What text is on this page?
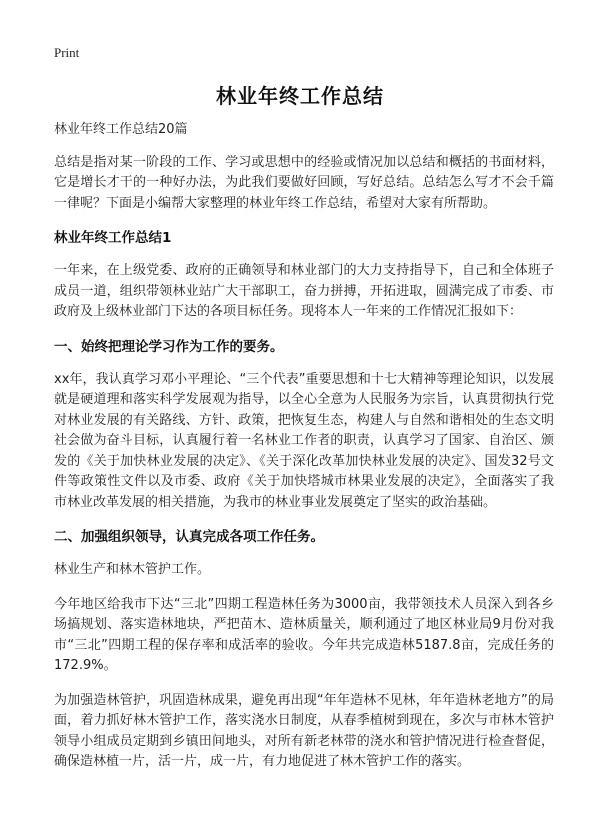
Print
林业年终工作总结

林业年终工作总结20篇

总结是指对某一阶段的工作、学习或思想中的经验或情况加以总结和概括的书面材料，它是增长才干的一种好办法，为此我们要做好回顾，写好总结。总结怎么写才不会千篇一律呢？下面是小编帮大家整理的林业年终工作总结，希望对大家有所帮助。

林业年终工作总结1

一年来，在上级党委、政府的正确领导和林业部门的大力支持指导下，自己和全体班子成员一道，组织带领林业站广大干部职工，奋力拼搏，开拓进取，圆满完成了市委、市政府及上级林业部门下达的各项目标任务。现将本人一年来的工作情况汇报如下：

一、始终把理论学习作为工作的要务。

xx年，我认真学习邓小平理论、“三个代表”重要思想和十七大精神等理论知识，以发展就是硬道理和落实科学发展观为指导，以全心全意为人民服务为宗旨，认真贯彻执行党对林业发展的有关路线、方针、政策，把恢复生态，构建人与自然和谐相处的生态文明社会做为奋斗目标，认真履行着一名林业工作者的职责，认真学习了国家、自治区、颁发的《关于加快林业发展的决定》、《关于深化改革加快林业发展的决定》、国发32号文件等政策性文件以及市委、政府《关于加快塔城市林果业发展的决定》，全面落实了我市林业改革发展的相关措施，为我市的林业事业发展奠定了坚实的政治基础。

二、加强组织领导，认真完成各项工作任务。

林业生产和林木管护工作。

今年地区给我市下达“三北”四期工程造林任务为3000亩，我带领技术人员深入到各乡场搞规划、落实造林地块，严把苗木、造林质量关，顺利通过了地区林业局9月份对我市“三北”四期工程的保存率和成活率的验收。今年共完成造林5187.8亩，完成任务的172.9%。

为加强造林管护，巩固造林成果，避免再出现“年年造林不见林，年年造林老地方”的局面，着力抓好林木管护工作，落实浇水日制度，从春季植树到现在，多次与市林木管护领导小组成员定期到乡镇田间地头，对所有新老林带的浇水和管护情况进行检查督促，确保造林植一片，活一片，成一片，有力地促进了林木管护工作的落实。
